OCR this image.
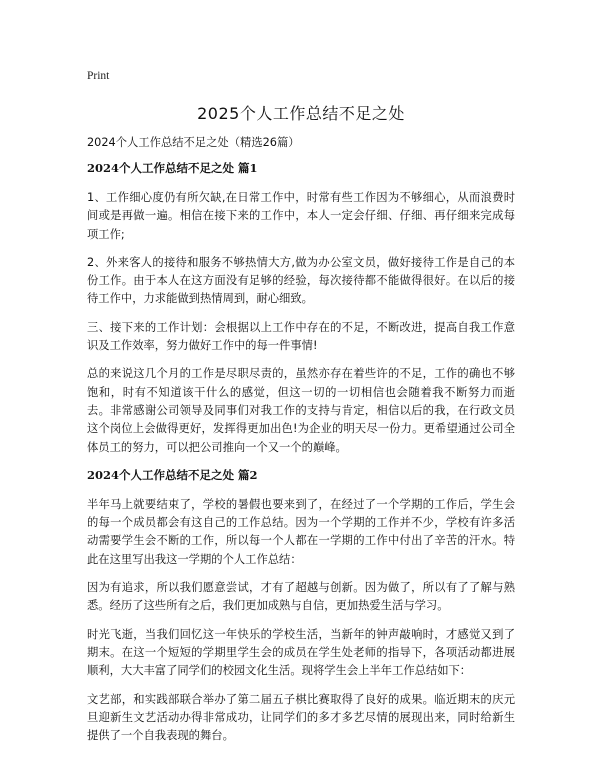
Print
2025个人工作总结不足之处

2024个人工作总结不足之处（精选26篇）

2024个人工作总结不足之处 篇1

1、工作细心度仍有所欠缺,在日常工作中，时常有些工作因为不够细心，从而浪费时间或是再做一遍。相信在接下来的工作中，本人一定会仔细、仔细、再仔细来完成每项工作;

2、外来客人的接待和服务不够热情大方,做为办公室文员，做好接待工作是自己的本份工作。由于本人在这方面没有足够的经验，每次接待都不能做得很好。在以后的接待工作中，力求能做到热情周到，耐心细致。

三、接下来的工作计划：会根据以上工作中存在的不足，不断改进，提高自我工作意识及工作效率，努力做好工作中的每一件事情!

总的来说这几个月的工作是尽职尽责的，虽然亦存在着些许的不足，工作的确也不够饱和，时有不知道该干什么的感觉，但这一切的一切相信也会随着我不断努力而逝去。非常感谢公司领导及同事们对我工作的支持与肯定，相信以后的我，在行政文员这个岗位上会做得更好，发挥得更加出色!为企业的明天尽一份力。更希望通过公司全体员工的努力，可以把公司推向一个又一个的巅峰。

2024个人工作总结不足之处 篇2

半年马上就要结束了，学校的暑假也要来到了，在经过了一个学期的工作后，学生会的每一个成员都会有这自己的工作总结。因为一个学期的工作并不少，学校有许多活动需要学生会不断的工作，所以每一个人都在一学期的工作中付出了辛苦的汗水。特此在这里写出我这一学期的个人工作总结：

因为有追求，所以我们愿意尝试，才有了超越与创新。因为做了，所以有了了解与熟悉。经历了这些所有之后，我们更加成熟与自信，更加热爱生活与学习。

时光飞逝，当我们回忆这一年快乐的学校生活，当新年的钟声敲响时，才感觉又到了期末。在这一个短短的学期里学生会的成员在学生处老师的指导下，各项活动都进展顺利，大大丰富了同学们的校园文化生活。现将学生会上半年工作总结如下：

文艺部，和实践部联合举办了第二届五子棋比赛取得了良好的成果。临近期末的庆元旦迎新生文艺活动办得非常成功，让同学们的多才多艺尽情的展现出来，同时给新生提供了一个自我表现的舞台。
